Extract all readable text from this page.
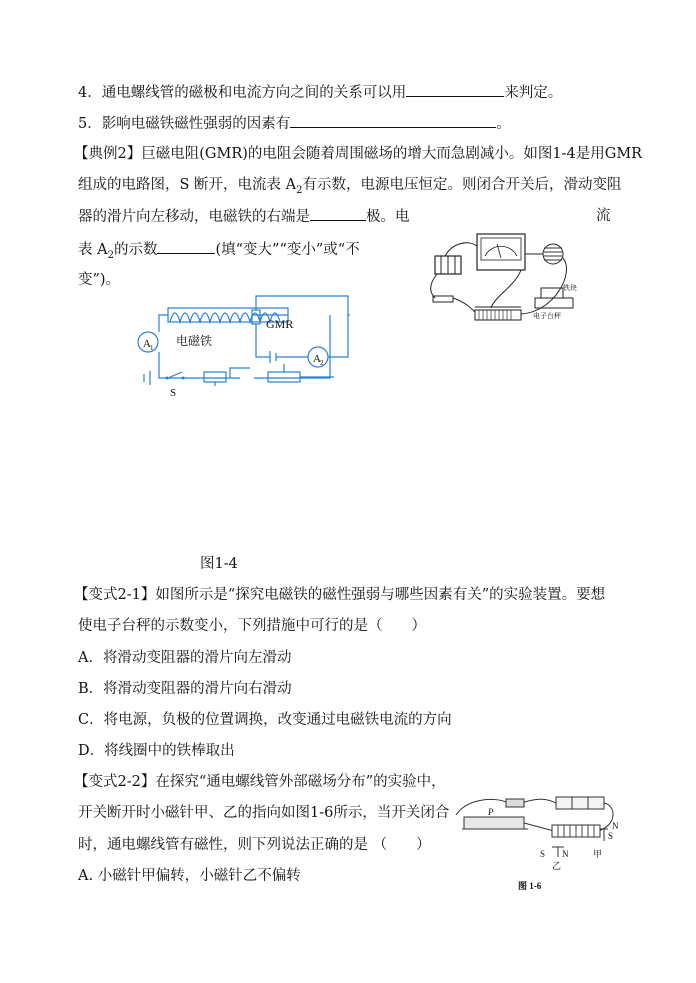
4．通电螺线管的磁极和电流方向之间的关系可以用	来判定。
5．影响电磁铁磁性强弱的因素有	。
【典例2】巨磁电阻(GMR)的电阻会随着周围磁场的增大而急剧减小。如图1-4是用GMR
组成的电路图，S 断开，电流表 $A_2$有示数，电源电压恒定。则闭合开关后，滑动变阻
器的滑片向左移动，电磁铁的右端是	极。电	流
表 $A_2$的示数	(填“变大”“变小”或“不
变”)。
A 1
A 2
电磁铁
GMR
S
铁块
电子台秤
图1-4
【变式2-1】如图所示是“探究电磁铁的磁性强弱与哪些因素有关”的实验装置。要想
使电子台秤的示数变小，下列措施中可行的是（　　）
A．将滑动变阻器的滑片向左滑动
B．将滑动变阻器的滑片向右滑动
C．将电源，负极的位置调换，改变通过电磁铁电流的方向
D．将线圈中的铁棒取出
【变式2-2】在探究“通电螺线管外部磁场分布”的实验中，
开关断开时小磁针甲、乙的指向如图1-6所示，当开关闭合
时，通电螺线管有磁性，则下列说法正确的是 （　　）
A. 小磁针甲偏转，小磁针乙不偏转
S N
乙
N
S
甲
P
图 1-6
